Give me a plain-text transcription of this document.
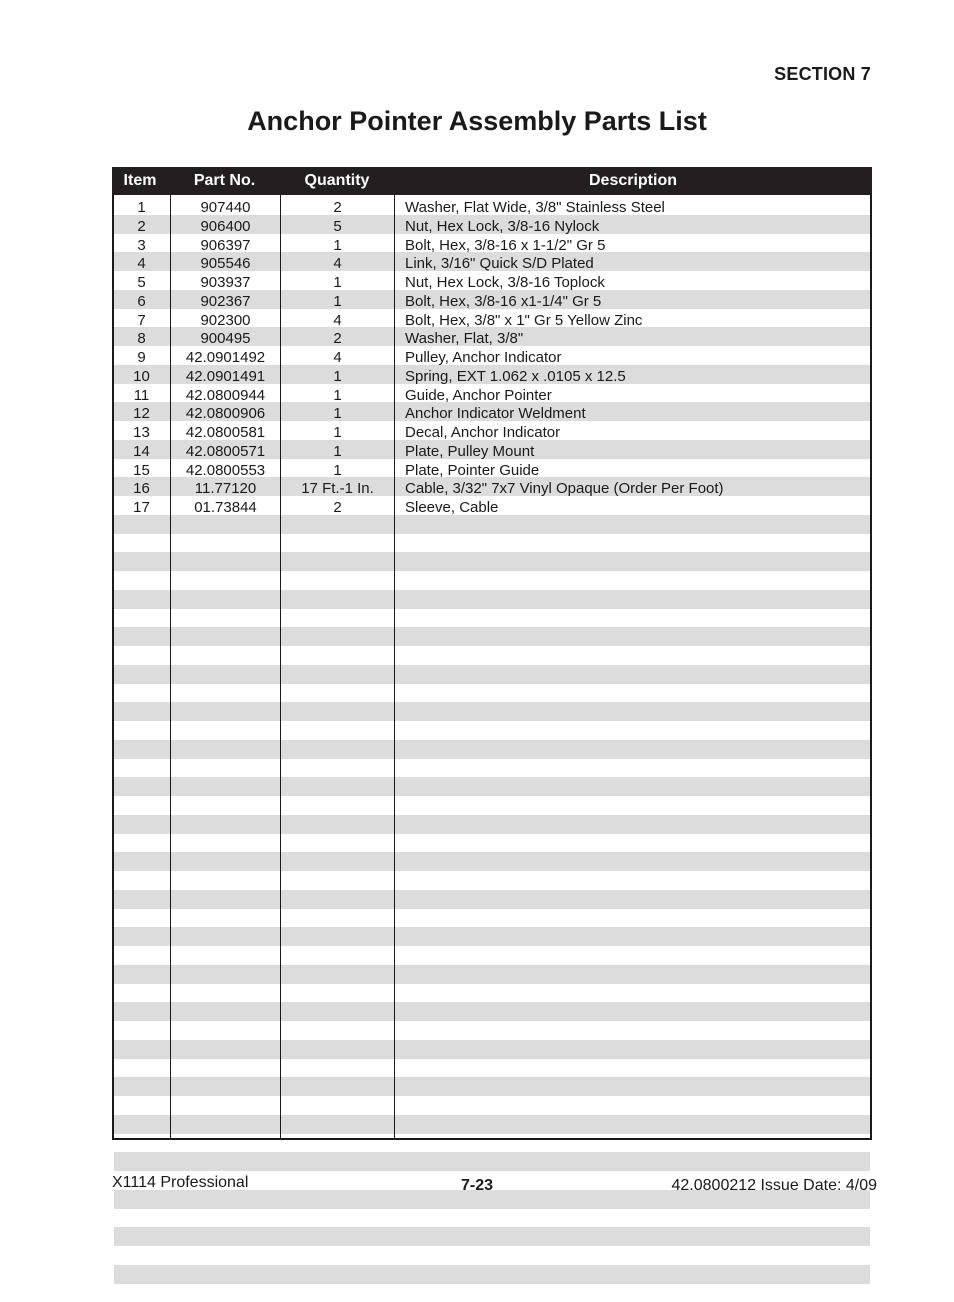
SECTION 7
Anchor Pointer Assembly Parts List
Item	Part No.	Quantity	Description
1	907440	2	Washer, Flat Wide, 3/8" Stainless Steel
2	906400	5	Nut, Hex Lock, 3/8-16 Nylock
3	906397	1	Bolt, Hex, 3/8-16 x 1-1/2" Gr 5
4	905546	4	Link, 3/16" Quick S/D Plated
5	903937	1	Nut, Hex Lock, 3/8-16 Toplock
6	902367	1	Bolt, Hex, 3/8-16 x1-1/4" Gr 5
7	902300	4	Bolt, Hex, 3/8" x 1" Gr 5 Yellow Zinc
8	900495	2	Washer, Flat, 3/8"
9	42.0901492	4	Pulley, Anchor Indicator
10	42.0901491	1	Spring, EXT 1.062 x .0105 x 12.5
11	42.0800944	1	Guide, Anchor Pointer
12	42.0800906	1	Anchor Indicator Weldment
13	42.0800581	1	Decal, Anchor Indicator
14	42.0800571	1	Plate, Pulley Mount
15	42.0800553	1	Plate, Pointer Guide
16	11.77120	17 Ft.-1 In.	Cable, 3/32" 7x7 Vinyl Opaque (Order Per Foot)
17	01.73844	2	Sleeve, Cable
X1114 Professional	7-23	42.0800212 Issue Date: 4/09
